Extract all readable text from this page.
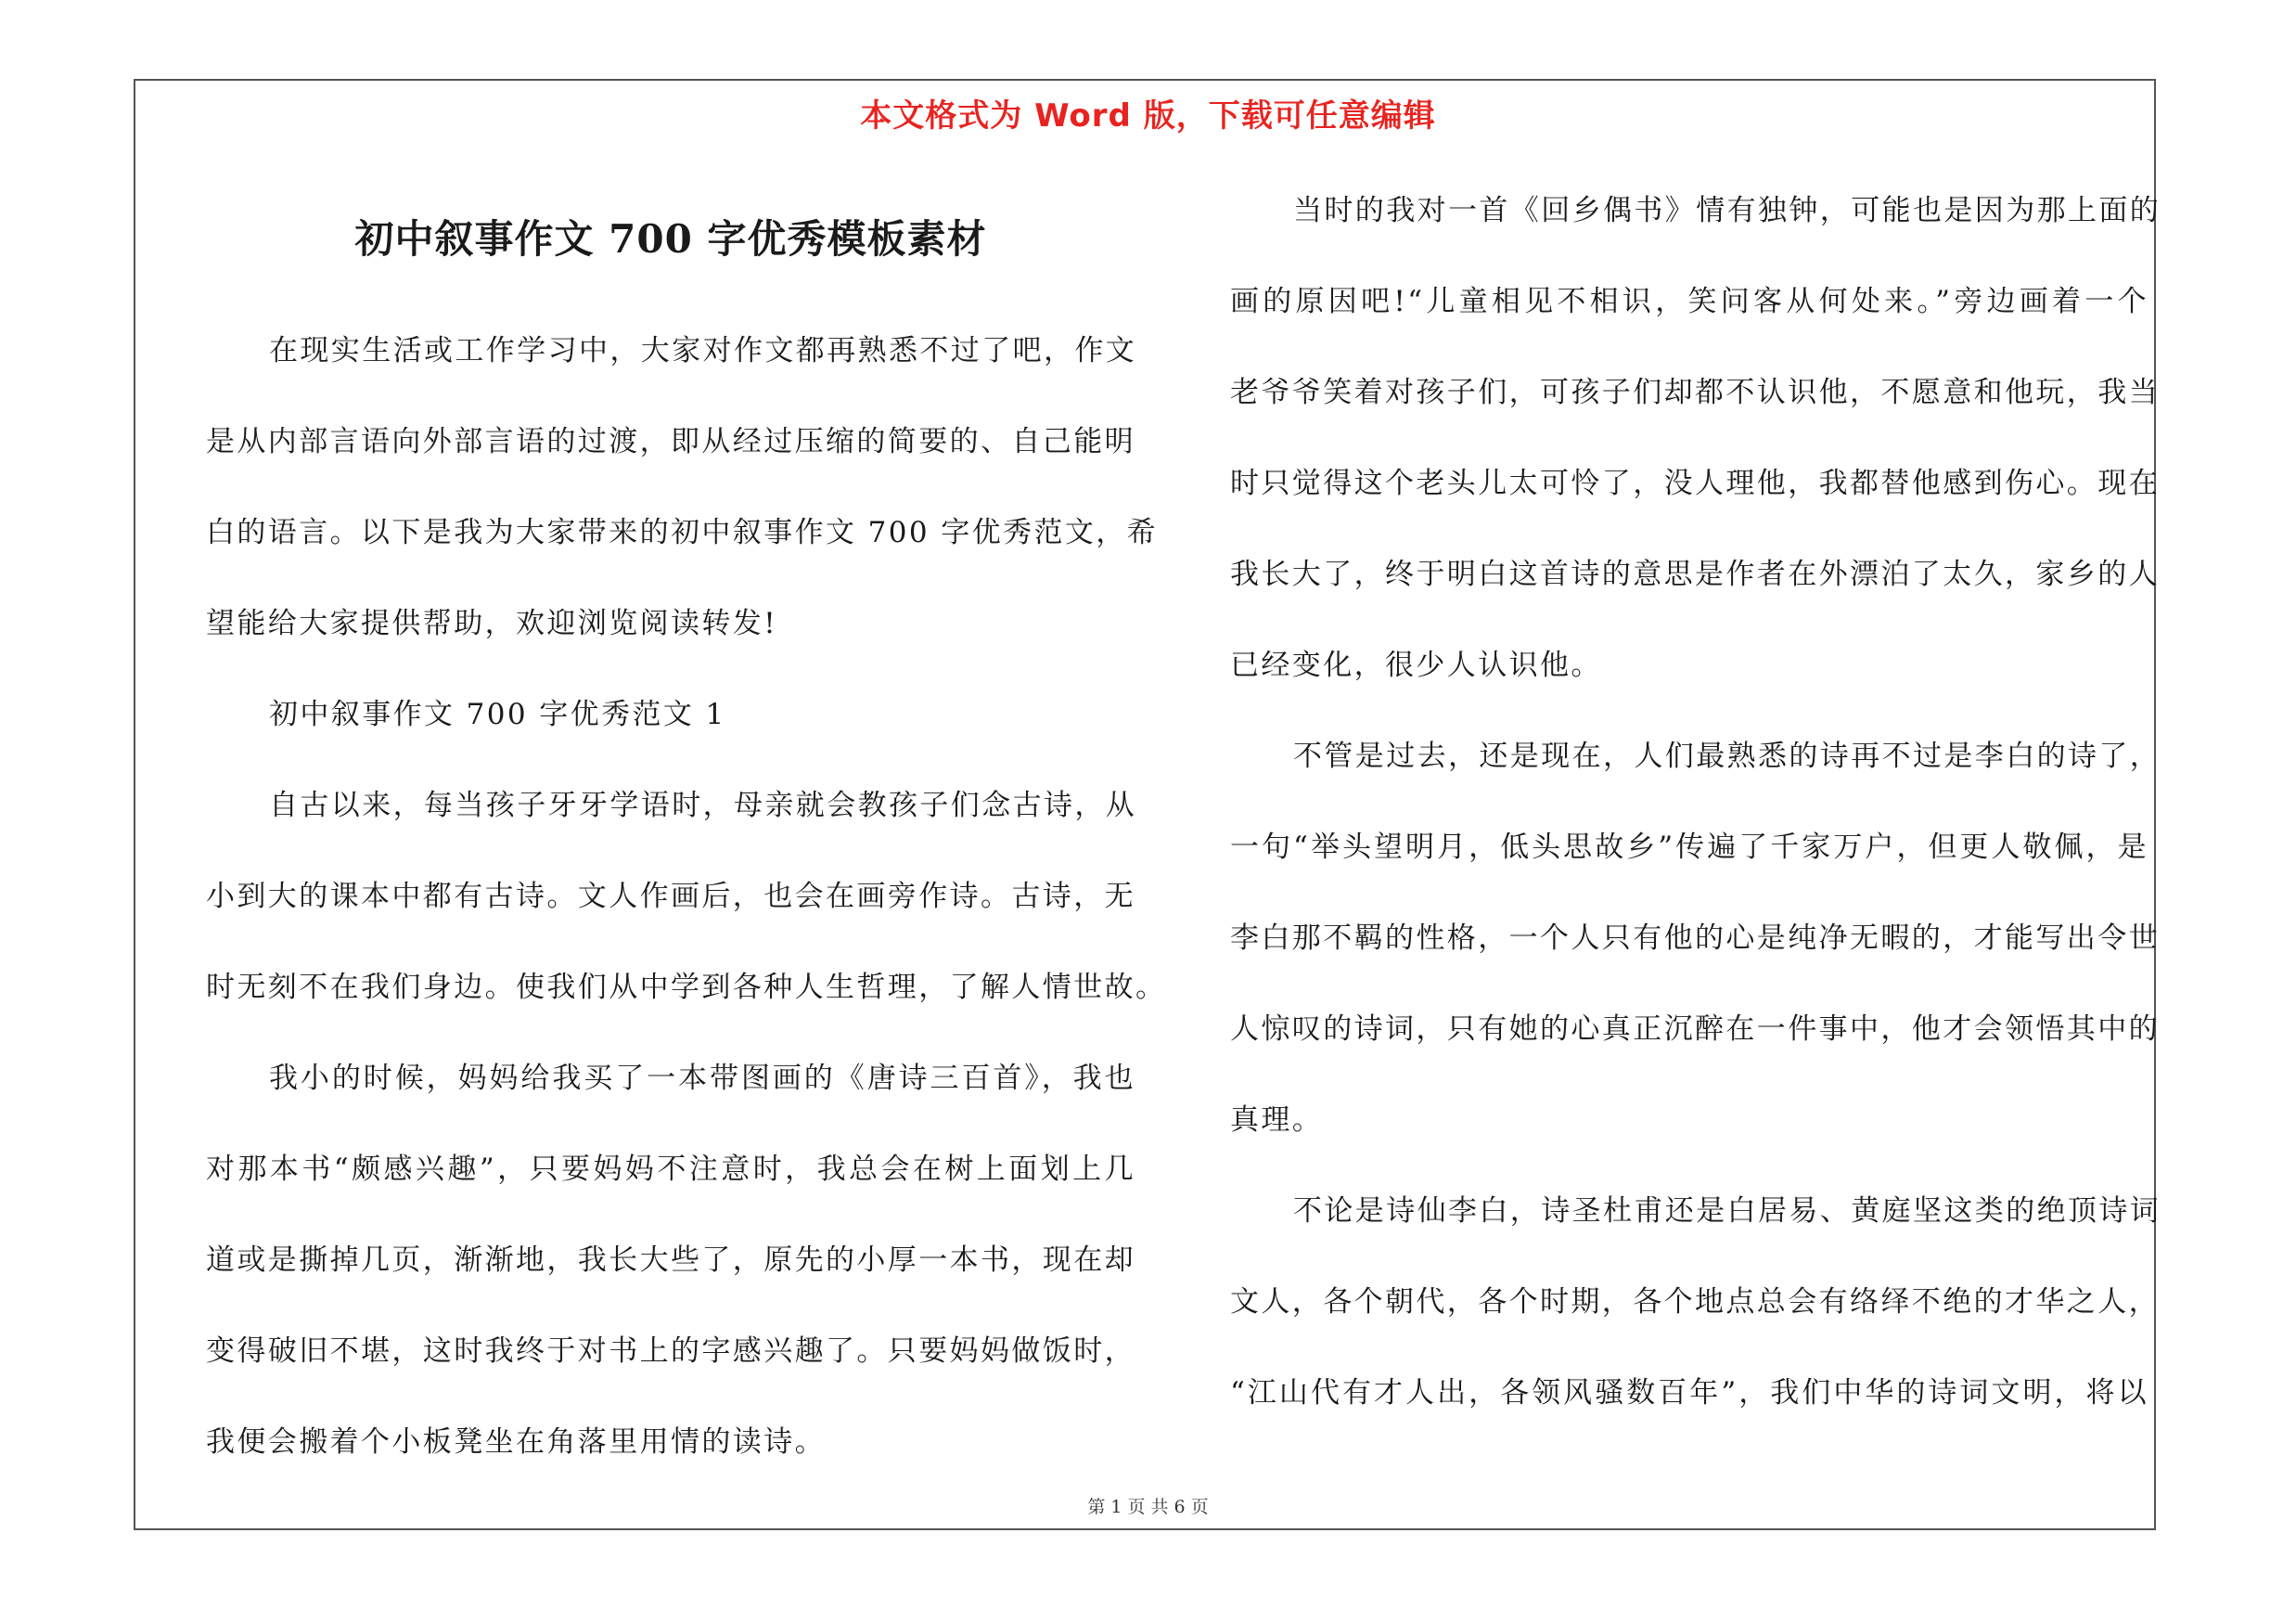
本文格式为 Word 版，下载可任意编辑
初中叙事作文 700 字优秀模板素材
在现实生活或工作学习中，大家对作文都再熟悉不过了吧，作文
是从内部言语向外部言语的过渡，即从经过压缩的简要的、自己能明
白的语言。以下是我为大家带来的初中叙事作文 700 字优秀范文，希
望能给大家提供帮助，欢迎浏览阅读转发!
初中叙事作文 700 字优秀范文 1
自古以来，每当孩子牙牙学语时，母亲就会教孩子们念古诗，从
小到大的课本中都有古诗。文人作画后，也会在画旁作诗。古诗，无
时无刻不在我们身边。使我们从中学到各种人生哲理，了解人情世故。
我小的时候，妈妈给我买了一本带图画的《唐诗三百首》，我也
对那本书“颇感兴趣”，只要妈妈不注意时，我总会在树上面划上几
道或是撕掉几页，渐渐地，我长大些了，原先的小厚一本书，现在却
变得破旧不堪，这时我终于对书上的字感兴趣了。只要妈妈做饭时，
我便会搬着个小板凳坐在角落里用情的读诗。
当时的我对一首《回乡偶书》情有独钟，可能也是因为那上面的
画的原因吧!“儿童相见不相识，笑问客从何处来。”旁边画着一个
老爷爷笑着对孩子们，可孩子们却都不认识他，不愿意和他玩，我当
时只觉得这个老头儿太可怜了，没人理他，我都替他感到伤心。现在
我长大了，终于明白这首诗的意思是作者在外漂泊了太久，家乡的人
已经变化，很少人认识他。
不管是过去，还是现在，人们最熟悉的诗再不过是李白的诗了，
一句“举头望明月，低头思故乡”传遍了千家万户，但更人敬佩，是
李白那不羁的性格，一个人只有他的心是纯净无暇的，才能写出令世
人惊叹的诗词，只有她的心真正沉醉在一件事中，他才会领悟其中的
真理。
不论是诗仙李白，诗圣杜甫还是白居易、黄庭坚这类的绝顶诗词
文人，各个朝代，各个时期，各个地点总会有络绎不绝的才华之人，
“江山代有才人出，各领风骚数百年”，我们中华的诗词文明，将以
第 1 页 共 6 页
